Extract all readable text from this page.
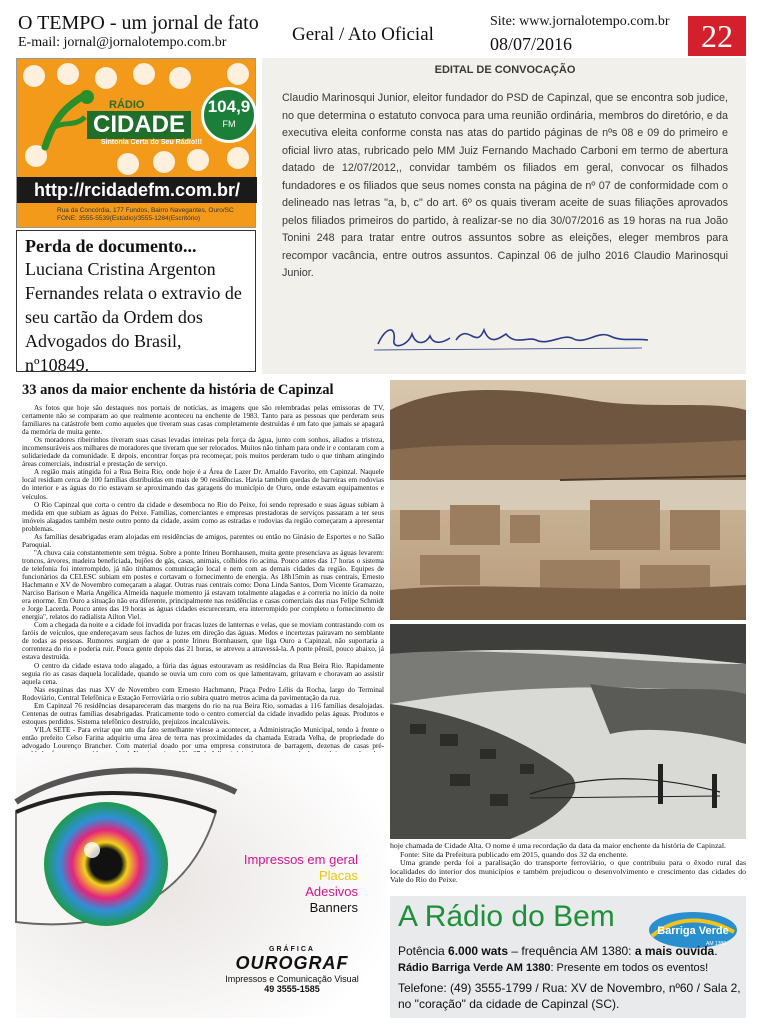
O TEMPO - um jornal de fato
E-mail: jornal@jornalotempo.com.br	Geral / Ato Oficial
Site: www.jornalotempo.com.br
08/07/2016	22
RÁDIO
CIDADE
Sintonia Certa do Seu Rádio!!!
104,9
FM
http://rcidadefm.com.br/
Rua da Concórdia, 177 Fundos, Bairro Navegantes, Ouro/SC
FONE: 3555-5539(Estúdio)/3555-1284(Escritório)
Perda de documento...
Luciana Cristina Argenton Fernandes relata o extravio de seu cartão da Ordem dos Advogados do Brasil, nº10849.
EDITAL DE CONVOCAÇÃO
Claudio Marinosqui Junior, eleitor fundador do PSD de Capinzal, que se encontra sob judice, no que determina o estatuto convoca para uma reunião ordinária, membros do diretório, e da executiva eleita conforme consta nas atas do partido páginas de nºs 08 e 09 do primeiro e oficial livro atas, rubricado pelo MM Juiz Fernando Machado Carboni em termo de abertura datado de 12/07/2012,, convidar também os filiados em geral, convocar os filhados fundadores e os filiados que seus nomes consta na página de nº 07 de conformidade com o delineado nas letras "a, b, c" do art. 6º os quais tiveram aceite de suas filiações aprovados pelos filiados primeiros do partido, à realizar-se no dia 30/07/2016 as 19 horas na rua João Tonini 248 para tratar entre outros assuntos sobre as eleições, eleger membros para recompor vacância, entre outros assuntos. Capinzal 06 de julho 2016 Claudio Marinosqui Junior.
33 anos da maior enchente da história de Capinzal

As fotos que hoje são destaques nos portais de notícias, as imagens que são relembradas pelas emissoras de TV, certamente não se comparam ao que realmente aconteceu na enchente de 1983. Tanto para as pessoas que perderam seus familiares na catástrofe bem como aqueles que tiveram suas casas completamente destruídas é um fato que jamais se apagará da memória de muita gente.

Os moradores ribeirinhos tiveram suas casas levadas inteiras pela força da água, junto com sonhos, aliados a tristeza, incomensuráveis aos milhares de moradores que tiveram que ser relocados. Muitos não tinham para onde ir e contaram com a solidariedade da comunidade. E depois, encontrar forças pra recomeçar, pois muitos perderam tudo o que tinham atingindo áreas comerciais, industrial e prestação de serviço.

A região mais atingida foi a Rua Beira Rio, onde hoje é a Área de Lazer Dr. Arnaldo Favorito, em Capinzal. Naquele local residiam cerca de 100 famílias distribuídas em mais de 90 residências. Havia também quedas de barreiras em rodovias do interior e as águas do rio estavam se aproximando das garagens do município de Ouro, onde estavam equipamentos e veículos.

O Rio Capinzal que corta o centro da cidade e desemboca no Rio do Peixe, foi sendo represado e suas águas subiam à medida em que subiam as águas do Peixe. Famílias, comerciantes e empresas prestadoras de serviços passaram a ter seus imóveis alagados também neste outro ponto da cidade, assim como as estradas e rodovias da região começaram a apresentar problemas.

As famílias desabrigadas eram alojadas em residências de amigos, parentes ou então no Ginásio de Esportes e no Salão Paroquial.

"A chuva caia constantemente sem trégua. Sobre a ponte Irineu Bornhausen, muita gente presenciava as águas levarem: troncos, árvores, madeira beneficiada, bujões de gás, casas, animais, colhidos rio acima. Pouco antes das 17 horas o sistema de telefonia foi interrompido, já não tínhamos comunicação local e nem com as demais cidades da região. Equipes de funcionários da CELESC subiam em postes e cortavam o fornecimento de energia. As 18h15min as ruas centrais, Ernesto Hachmann e XV de Novembro começaram a alagar. Outras ruas centrais como: Dona Linda Santos, Dom Vicente Gramazzo, Narciso Barison e Maria Angélica Almeida naquele momento já estavam totalmente alagadas e a correria no início da noite era enorme. Em Ouro a situação não era diferente, principalmente nas residências e casas comerciais das ruas Felipe Schmidt e Jorge Lacerda. Pouco antes das 19 horas as águas cidades escureceram, era interrompido por completo o fornecimento de energia", relatos do radialista Ailton Viel.

Com a chegada da noite e a cidade foi invadida por fracas luzes de lanternas e velas, que se moviam contrastando com os faróis de veículos, que endereçavam seus fachos de luzes em direção das águas. Medos e incertezas pairavam no semblante de todas as pessoas. Rumores surgiam de que a ponte Irineu Bornhausen, que liga Ouro a Capinzal, não suportaria a correnteza do rio e poderia ruir. Pouca gente depois das 21 horas, se atreveu a atravessá-la. A ponte pênsil, pouco abaixo, já estava destruída.

O centro da cidade estava todo alagado, a fúria das águas estouravam as residências da Rua Beira Rio. Rapidamente seguia rio as casas daquela localidade, quando se ouvia um coro com os que lamentavam, gritavam e choravam ao assistir aquela cena.

Nas esquinas das ruas XV de Novembro com Ernesto Hachmann, Praça Pedro Lélis da Rocha, largo do Terminal Rodoviário, Central Telefônica e Estação Ferroviária o rio subira quatro metros acima da pavimentação da rua.

Em Capinzal 76 residências desapareceram das margens do rio na rua Beira Rio, somadas a 116 famílias desalojadas. Centenas de outras famílias desabrigadas. Praticamente todo o centro comercial da cidade invadido pelas águas. Produtos e estoques perdidos. Sistema telefônico destruído, prejuízos incalculáveis.

VILA SETE - Para evitar que um dia fato semelhante viesse a acontecer, a Administração Municipal, tendo à frente o então prefeito Celso Farina adquiriu uma área de terra nas proximidades da chamada Estrada Velha, de propriedade do advogado Lourenço Brancher. Com material doado por uma empresa construtora de barragem, dezenas de casas pré-

hoje chamada de Cidade Alta. O nome é uma recordação da data da maior enchente da história de Capinzal.

Fonte: Site da Prefeitura publicado em 2015, quando dos 32 da enchente.

Uma grande perda foi a paralisação do transporte ferroviário, o que contribuiu para o êxodo rural das localidades do interior dos municípios e também prejudicou o desenvolvimento e crescimento das cidades do Vale do Rio do Peixe.

Impressos em geral
Placas
Adesivos
Banners
GRÁFICA
OUROGRAF
Impressos e Comunicação Visual
49 3555-1585
A Rádio do Bem	Barriga Verde
AM 1380
Potência 6.000 wats – frequência AM 1380: a mais ouvida.
Rádio Barriga Verde AM 1380: Presente em todos os eventos!
Telefone: (49) 3555-1799 / Rua: XV de Novembro, nº60 / Sala 2, no "coração" da cidade de Capinzal (SC).
